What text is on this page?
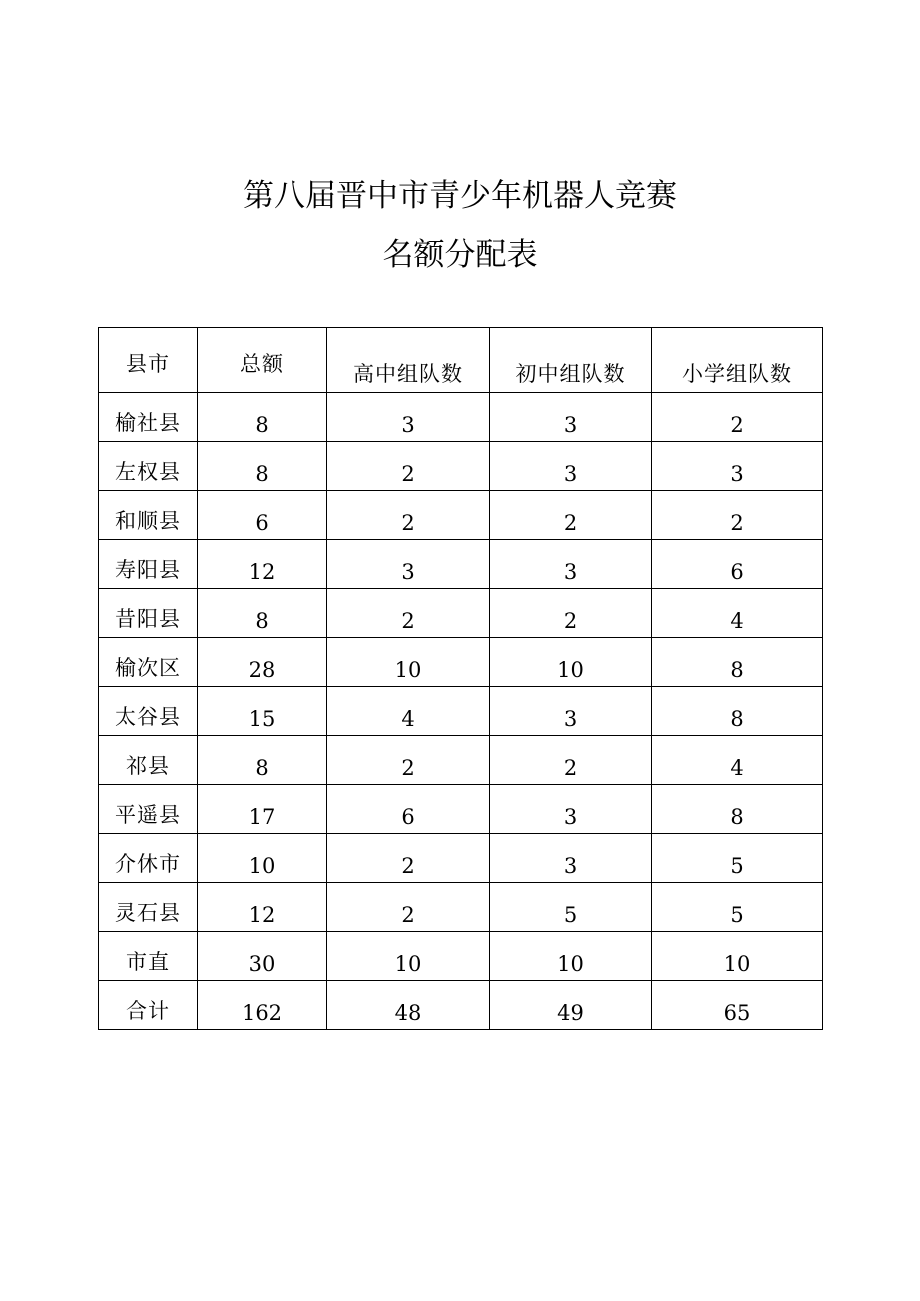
第八届晋中市青少年机器人竞赛
名额分配表
县市	总额	高中组队数	初中组队数	小学组队数
榆社县	8	3	3	2
左权县	8	2	3	3
和顺县	6	2	2	2
寿阳县	12	3	3	6
昔阳县	8	2	2	4
榆次区	28	10	10	8
太谷县	15	4	3	8
祁县	8	2	2	4
平遥县	17	6	3	8
介休市	10	2	3	5
灵石县	12	2	5	5
市直	30	10	10	10
合计	162	48	49	65
